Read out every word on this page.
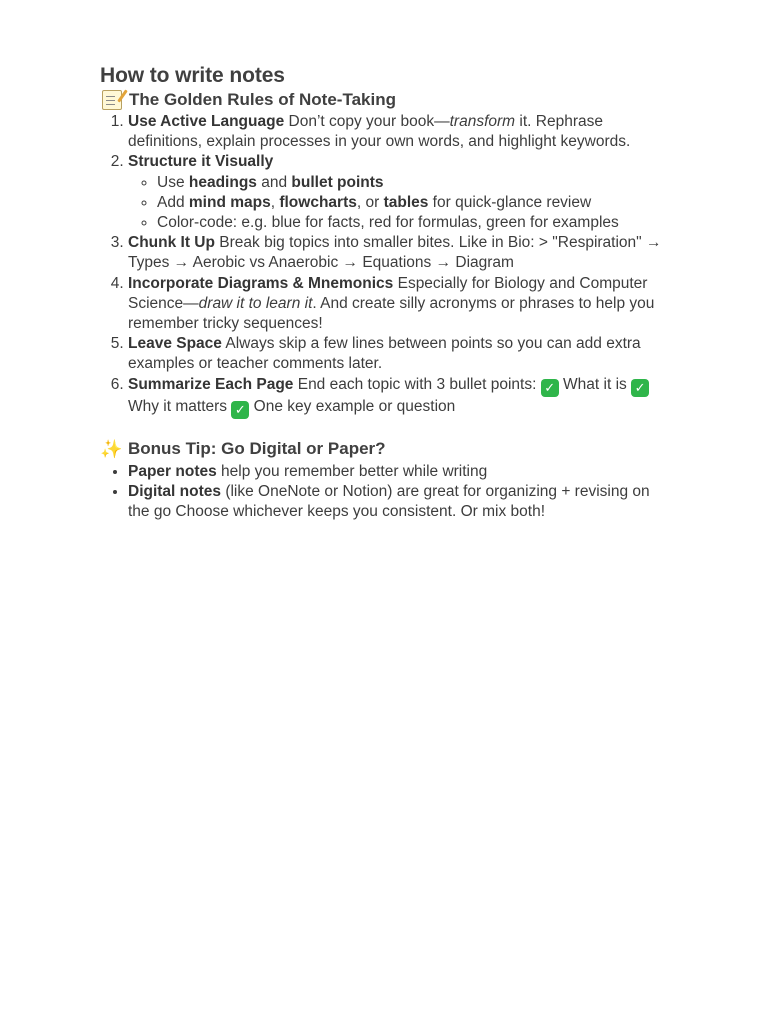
How to write notes
The Golden Rules of Note-Taking
1. Use Active Language Don’t copy your book—transform it. Rephrase definitions, explain processes in your own words, and highlight keywords.
2. Structure it Visually
◦ Use headings and bullet points
◦ Add mind maps, flowcharts, or tables for quick-glance review
◦ Color-code: e.g. blue for facts, red for formulas, green for examples
3. Chunk It Up Break big topics into smaller bites. Like in Bio: > "Respiration" → Types → Aerobic vs Anaerobic → Equations → Diagram
4. Incorporate Diagrams & Mnemonics Especially for Biology and Computer Science—draw it to learn it. And create silly acronyms or phrases to help you remember tricky sequences!
5. Leave Space Always skip a few lines between points so you can add extra examples or teacher comments later.
6. Summarize Each Page End each topic with 3 bullet points: ✓ What it is ✓ Why it matters ✓ One key example or question
✨ Bonus Tip: Go Digital or Paper?
• Paper notes help you remember better while writing
• Digital notes (like OneNote or Notion) are great for organizing + revising on the go Choose whichever keeps you consistent. Or mix both!
